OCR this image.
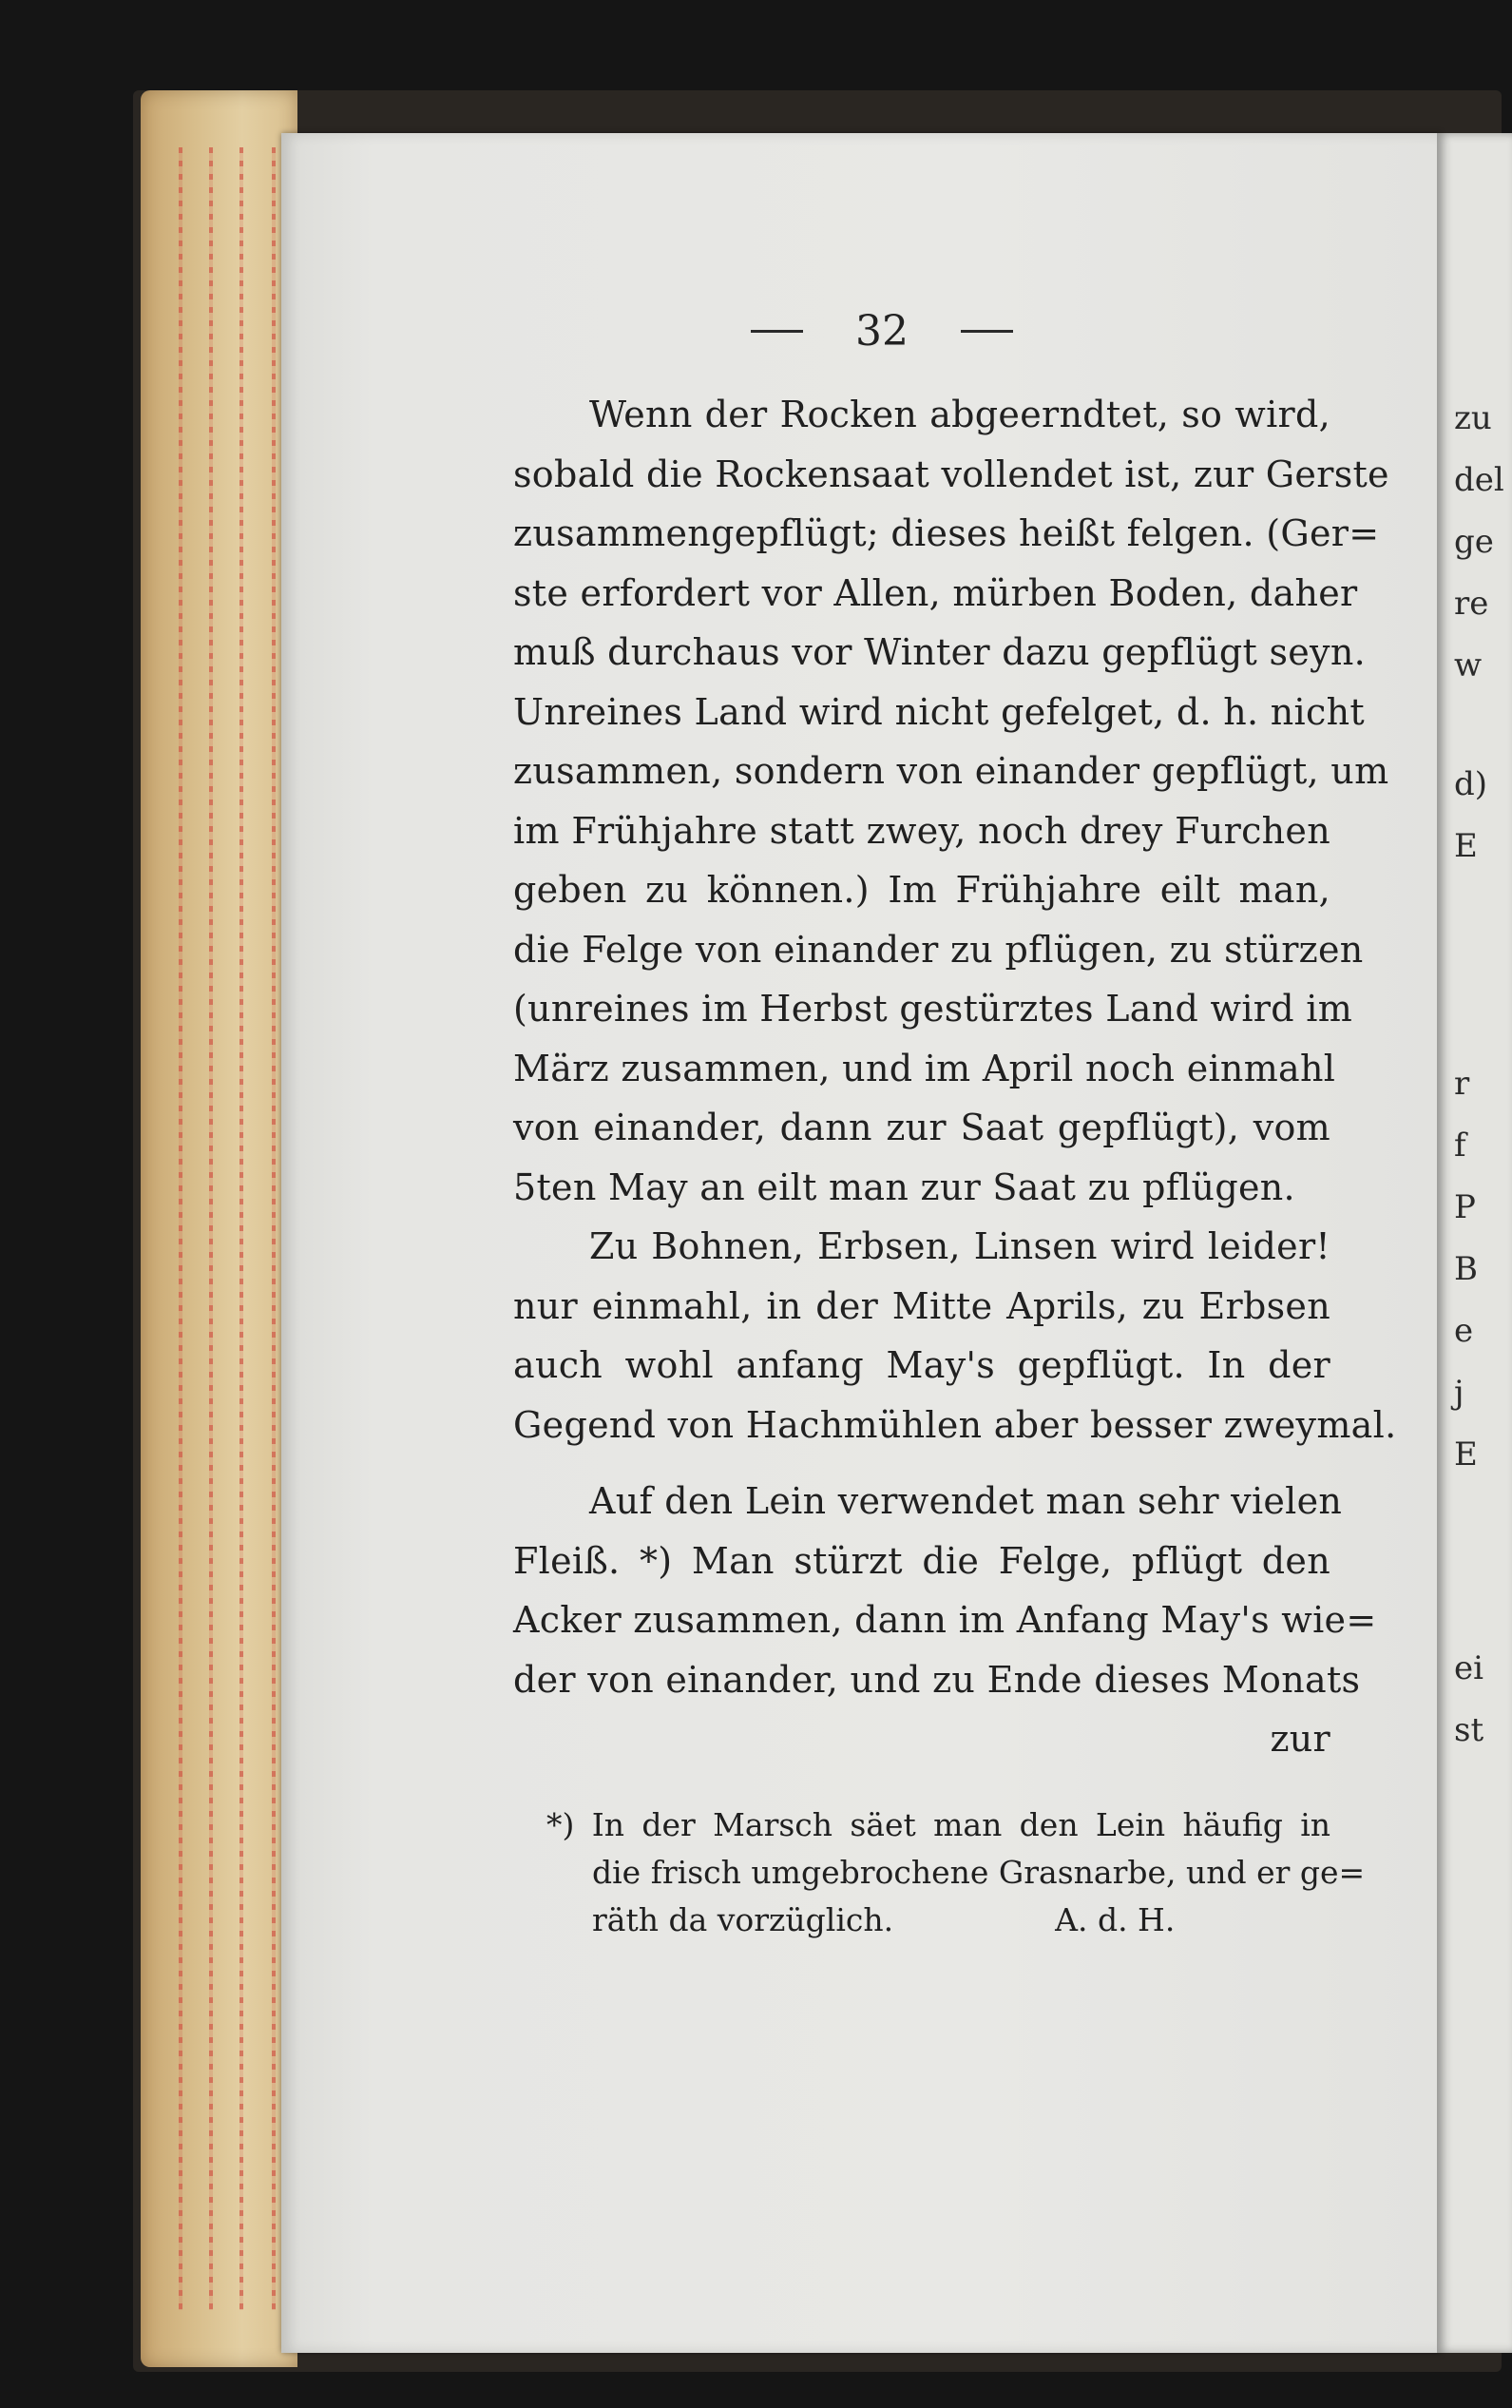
zu
del
ge
re
w
d)
E
r
f
P
B
e
j
E
ei
st
32
Wenn der Rocken abgeerndtet, so wird,
sobald die Rockensaat vollendet ist, zur Gerste
zusammengepflügt; dieses heißt felgen. (Ger=
ste erfordert vor Allen, mürben Boden, daher
muß durchaus vor Winter dazu gepflügt seyn.
Unreines Land wird nicht gefelget, d. h. nicht
zusammen, sondern von einander gepflügt, um
im Frühjahre statt zwey, noch drey Furchen
geben zu können.) Im Frühjahre eilt man,
die Felge von einander zu pflügen, zu stürzen
(unreines im Herbst gestürztes Land wird im
März zusammen, und im April noch einmahl
von einander, dann zur Saat gepflügt), vom
5ten May an eilt man zur Saat zu pflügen.
Zu Bohnen, Erbsen, Linsen wird leider!
nur einmahl, in der Mitte Aprils, zu Erbsen
auch wohl anfang May's gepflügt. In der
Gegend von Hachmühlen aber besser zweymal.
Auf den Lein verwendet man sehr vielen
Fleiß. *) Man stürzt die Felge, pflügt den
Acker zusammen, dann im Anfang May's wie=
der von einander, und zu Ende dieses Monats
zur
*) In der Marsch säet man den Lein häufig in
die frisch umgebrochene Grasnarbe, und er ge=
räth da vorzüglich.	A. d. H.
